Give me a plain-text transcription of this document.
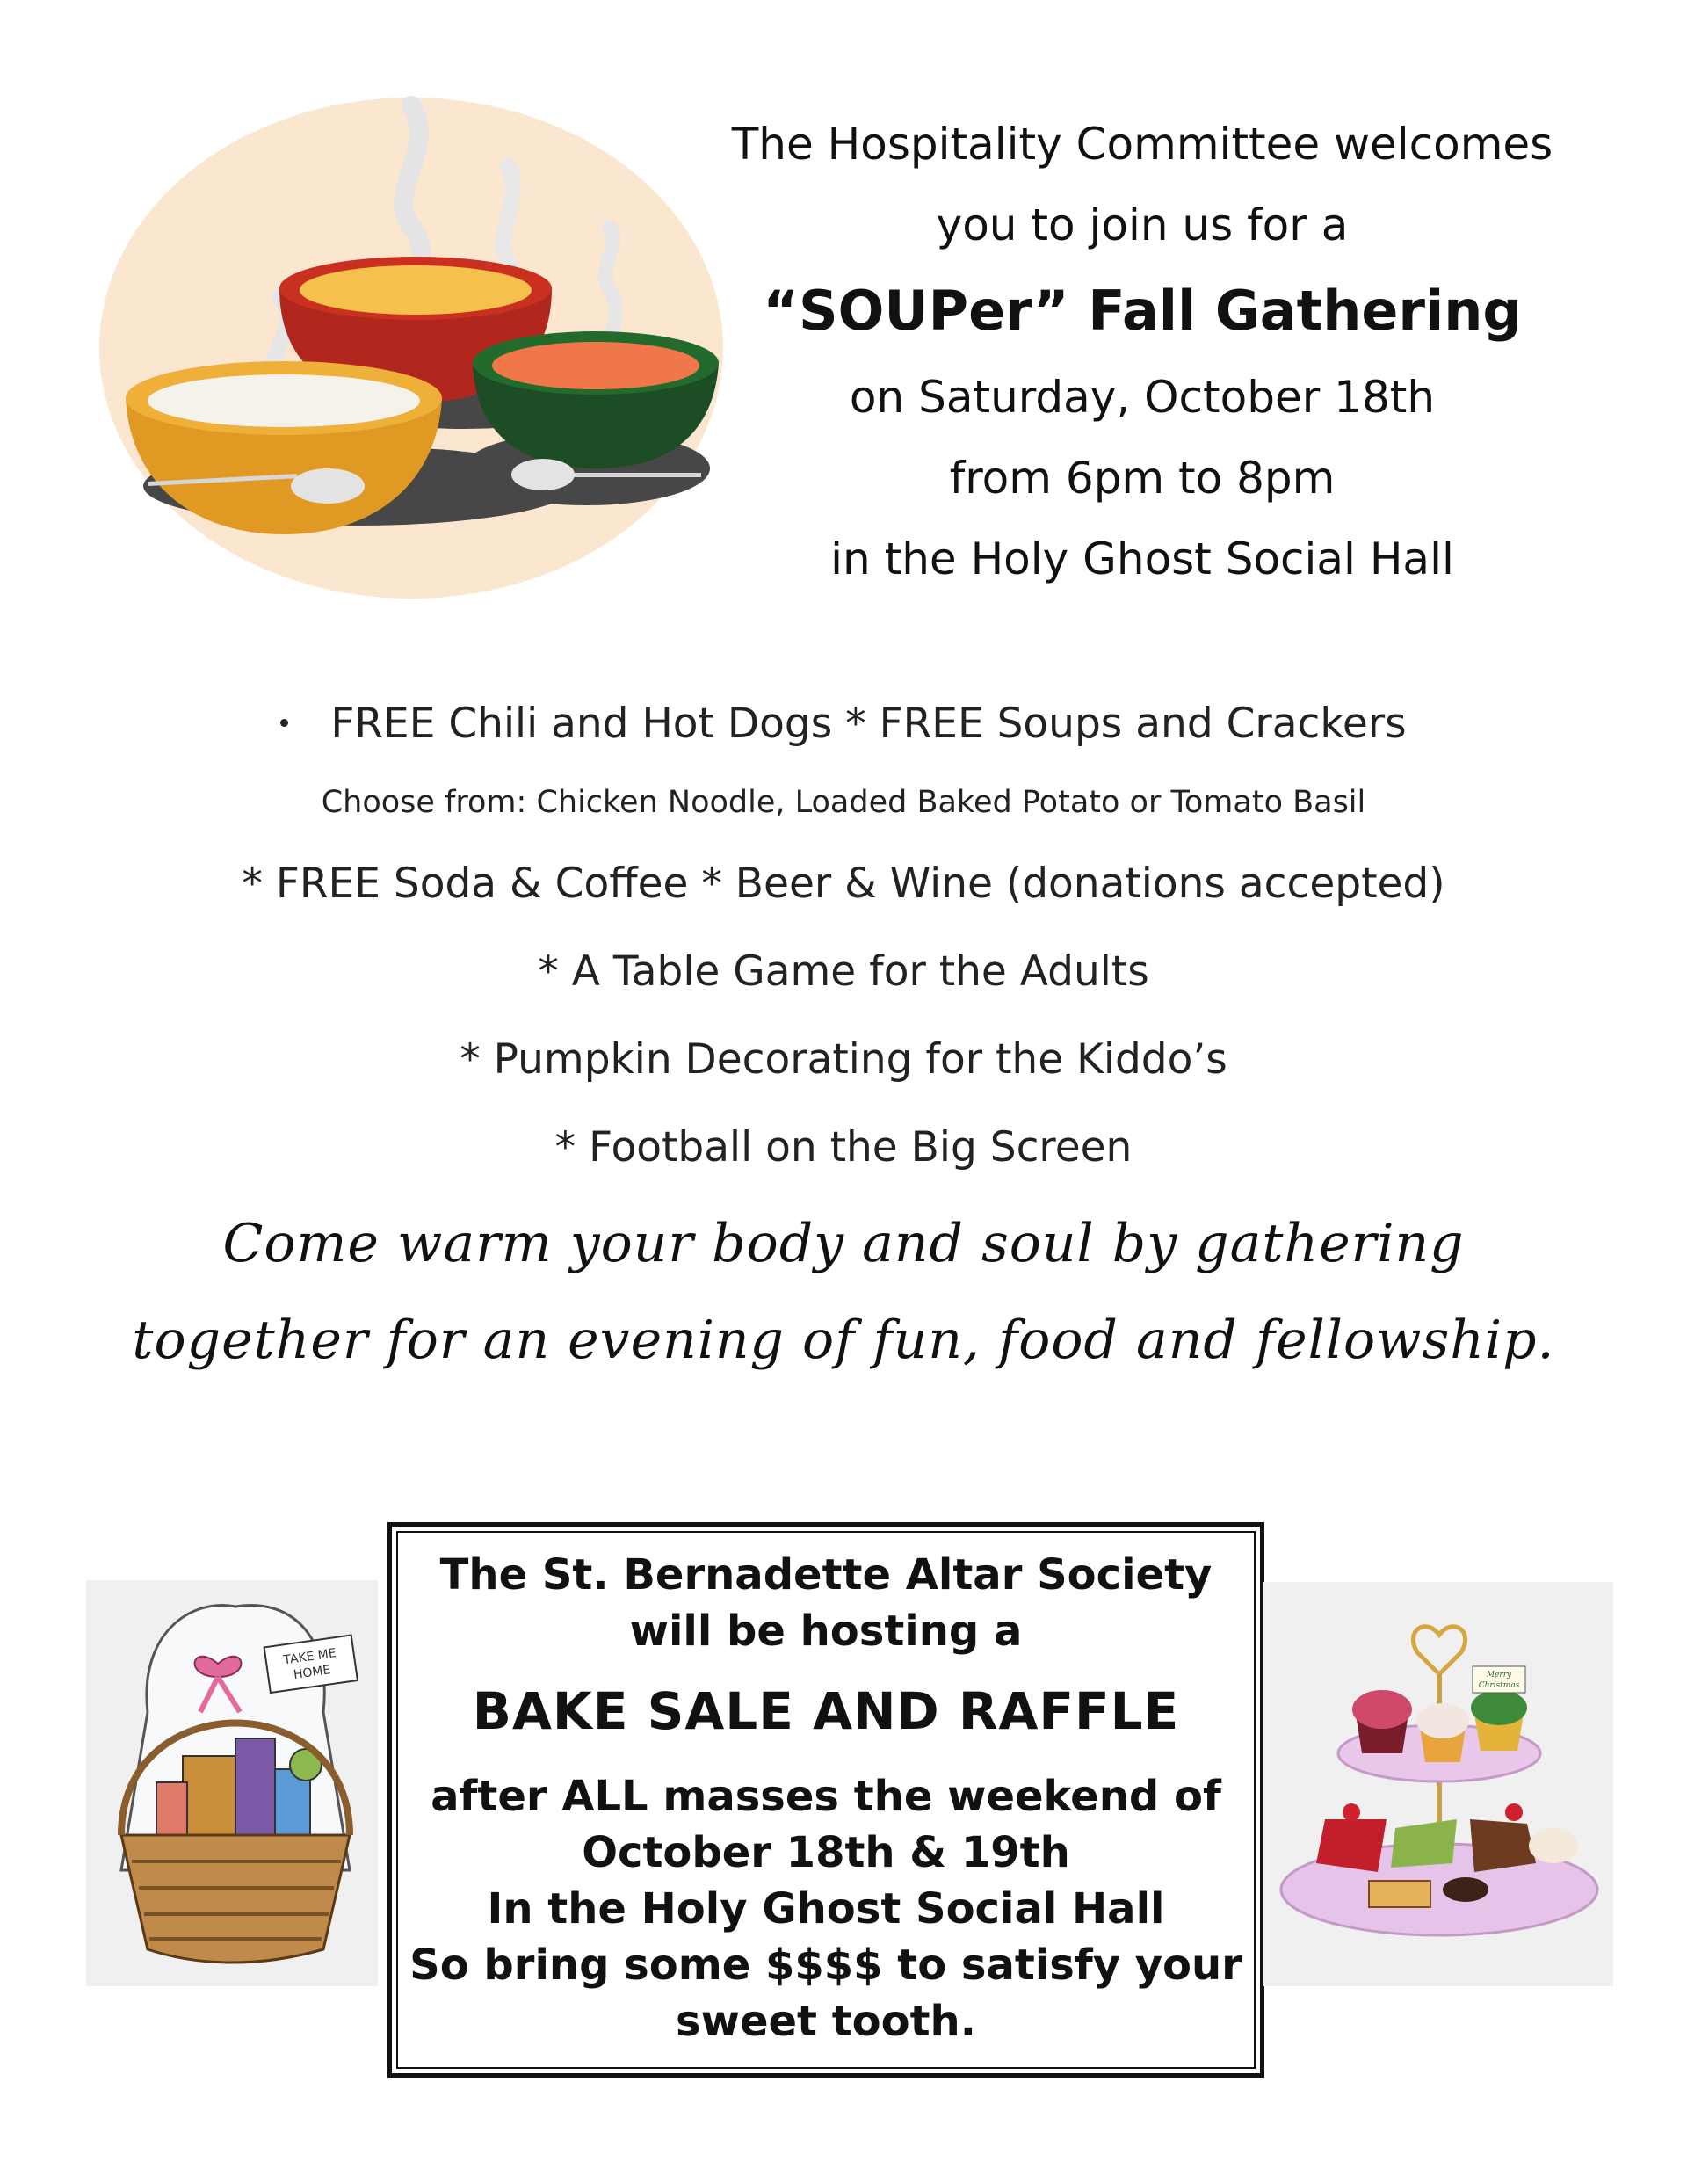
The Hospitality Committee welcomes
you to join us for a
“SOUPer” Fall Gathering
on Saturday, October 18th
from 6pm to 8pm
in the Holy Ghost Social Hall
FREE Chili and Hot Dogs * FREE Soups and Crackers
Choose from: Chicken Noodle, Loaded Baked Potato or Tomato Basil
* FREE Soda & Coffee * Beer & Wine (donations accepted)
* A Table Game for the Adults
* Pumpkin Decorating for the Kiddo’s
* Football on the Big Screen
Come warm your body and soul by gathering
together for an evening of fun, food and fellowship.
TAKE ME
HOME
The St. Bernadette Altar Society
will be hosting a
BAKE SALE AND RAFFLE
after ALL masses the weekend of
October 18th & 19th
In the Holy Ghost Social Hall
So bring some $$$$ to satisfy your
sweet tooth.
Merry
Christmas
